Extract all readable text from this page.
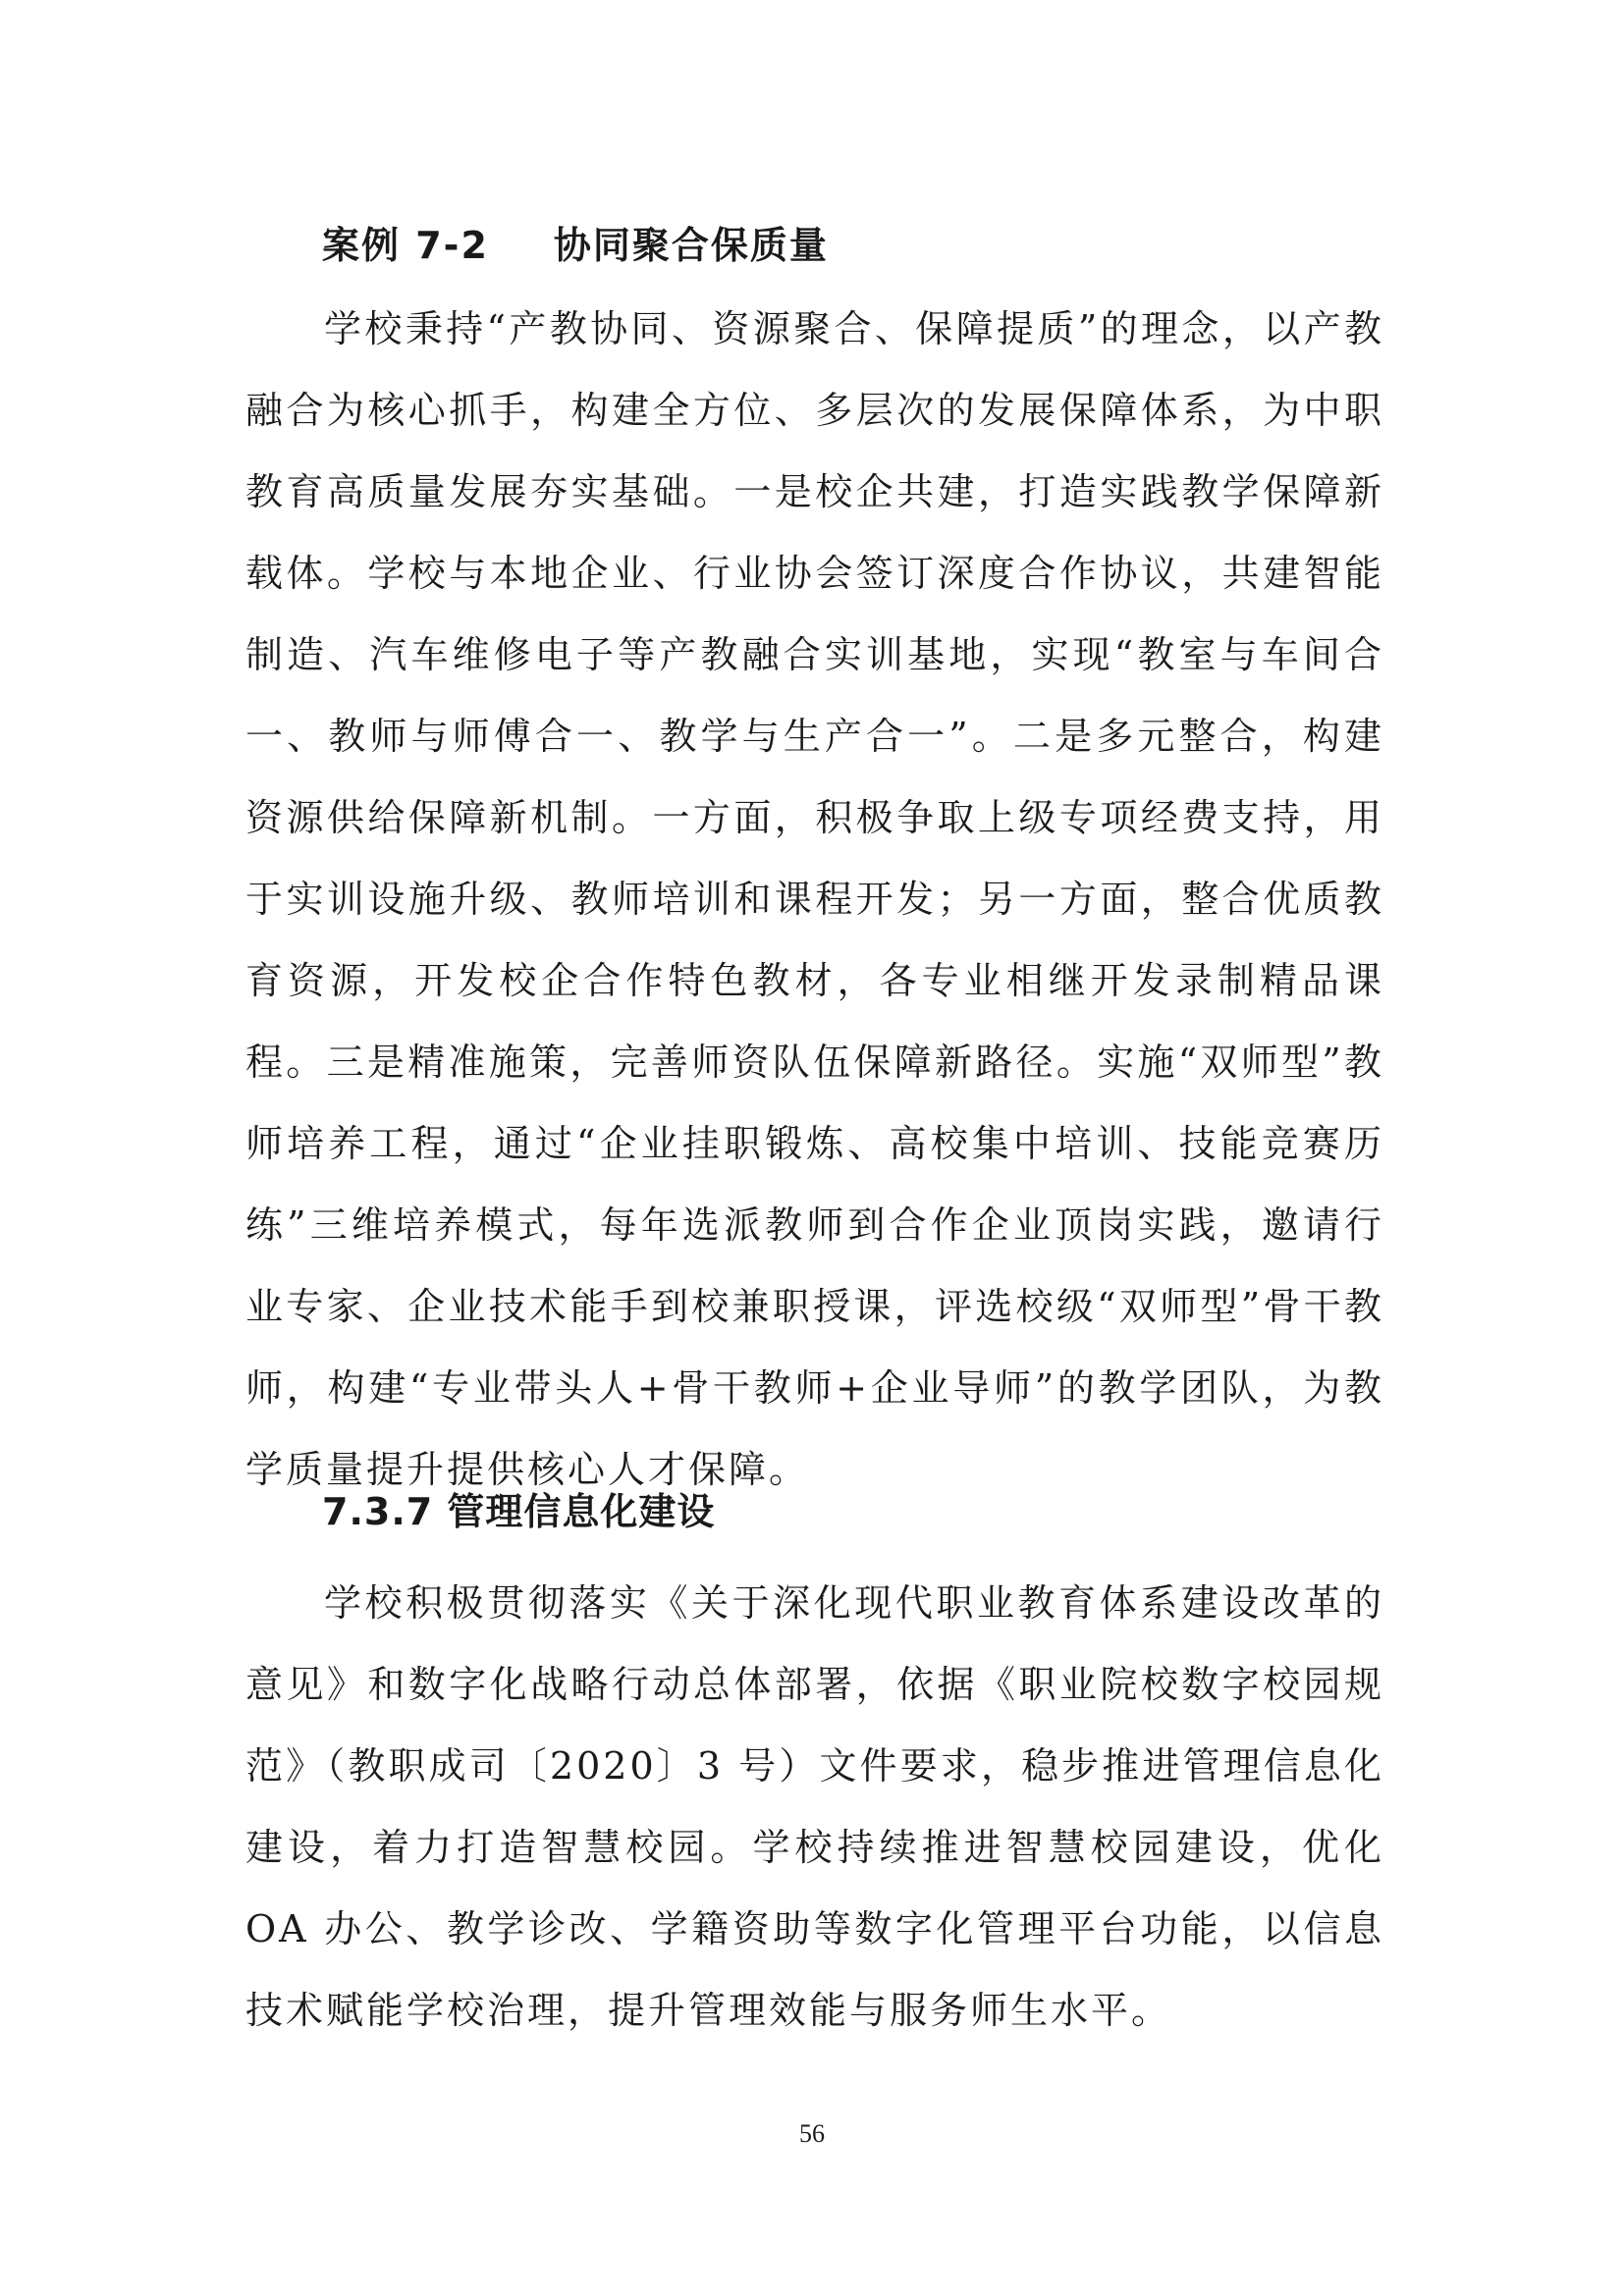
案例 7-2 协同聚合保质量

学校秉持“产教协同、资源聚合、保障提质”的理念，以产教融合为核心抓手，构建全方位、多层次的发展保障体系，为中职教育高质量发展夯实基础。一是校企共建，打造实践教学保障新载体。学校与本地企业、行业协会签订深度合作协议，共建智能制造、汽车维修电子等产教融合实训基地，实现“教室与车间合一、教师与师傅合一、教学与生产合一”。二是多元整合，构建资源供给保障新机制。一方面，积极争取上级专项经费支持，用于实训设施升级、教师培训和课程开发；另一方面，整合优质教育资源，开发校企合作特色教材，各专业相继开发录制精品课程。三是精准施策，完善师资队伍保障新路径。实施“双师型”教师培养工程，通过“企业挂职锻炼、高校集中培训、技能竞赛历练”三维培养模式，每年选派教师到合作企业顶岗实践，邀请行业专家、企业技术能手到校兼职授课，评选校级“双师型”骨干教师，构建“专业带头人+骨干教师+企业导师”的教学团队，为教学质量提升提供核心人才保障。

7.3.7 管理信息化建设

学校积极贯彻落实《关于深化现代职业教育体系建设改革的意见》和数字化战略行动总体部署，依据《职业院校数字校园规范》（教职成司〔2020〕3 号）文件要求，稳步推进管理信息化建设，着力打造智慧校园。学校持续推进智慧校园建设，优化 OA 办公、教学诊改、学籍资助等数字化管理平台功能，以信息技术赋能学校治理，提升管理效能与服务师生水平。

56
